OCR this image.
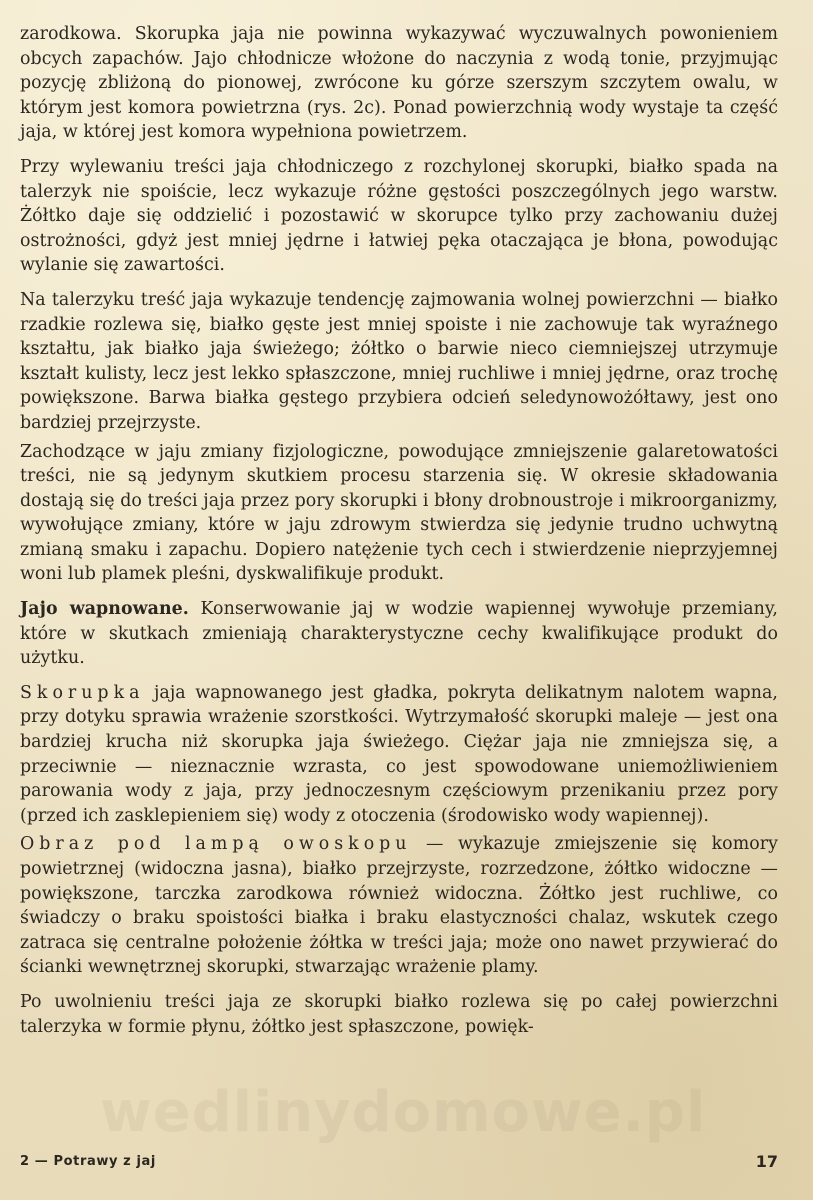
zarodkowa. Skorupka jaja nie powinna wykazywać wyczuwalnych powonieniem obcych zapachów. Jajo chłodnicze włożone do naczynia z wodą tonie, przyjmując pozycję zbliżoną do pionowej, zwrócone ku górze szerszym szczytem owalu, w którym jest komora powietrzna (rys. 2c). Ponad powierzchnią wody wystaje ta część jaja, w której jest komora wypełniona powietrzem.

Przy wylewaniu treści jaja chłodniczego z rozchylonej skorupki, białko spada na talerzyk nie spoiście, lecz wykazuje różne gęstości poszczególnych jego warstw. Żółtko daje się oddzielić i pozostawić w skorupce tylko przy zachowaniu dużej ostrożności, gdyż jest mniej jędrne i łatwiej pęka otaczająca je błona, powodując wylanie się zawartości.

Na talerzyku treść jaja wykazuje tendencję zajmowania wolnej powierzchni — białko rzadkie rozlewa się, białko gęste jest mniej spoiste i nie zachowuje tak wyraźnego kształtu, jak białko jaja świeżego; żółtko o barwie nieco ciemniejszej utrzymuje kształt kulisty, lecz jest lekko spłaszczone, mniej ruchliwe i mniej jędrne, oraz trochę powiększone. Barwa białka gęstego przybiera odcień seledynowożółtawy, jest ono bardziej przejrzyste.

Zachodzące w jaju zmiany fizjologiczne, powodujące zmniejszenie galaretowatości treści, nie są jedynym skutkiem procesu starzenia się. W okresie składowania dostają się do treści jaja przez pory skorupki i błony drobnoustroje i mikroorganizmy, wywołujące zmiany, które w jaju zdrowym stwierdza się jedynie trudno uchwytną zmianą smaku i zapachu. Dopiero natężenie tych cech i stwierdzenie nieprzyjemnej woni lub plamek pleśni, dyskwalifikuje produkt.

Jajo wapnowane. Konserwowanie jaj w wodzie wapiennej wywołuje przemiany, które w skutkach zmieniają charakterystyczne cechy kwalifikujące produkt do użytku.

Skorupka jaja wapnowanego jest gładka, pokryta delikatnym nalotem wapna, przy dotyku sprawia wrażenie szorstkości. Wytrzymałość skorupki maleje — jest ona bardziej krucha niż skorupka jaja świeżego. Ciężar jaja nie zmniejsza się, a przeciwnie — nieznacznie wzrasta, co jest spowodowane uniemożliwieniem parowania wody z jaja, przy jednoczesnym częściowym przenikaniu przez pory (przed ich zasklepieniem się) wody z otoczenia (środowisko wody wapiennej).

Obraz pod lampą owoskopu — wykazuje zmiejszenie się komory powietrznej (widoczna jasna), białko przejrzyste, rozrzedzone, żółtko widoczne — powiększone, tarczka zarodkowa również widoczna. Żółtko jest ruchliwe, co świadczy o braku spoistości białka i braku elastyczności chalaz, wskutek czego zatraca się centralne położenie żółtka w treści jaja; może ono nawet przywierać do ścianki wewnętrznej skorupki, stwarzając wrażenie plamy.

Po uwolnieniu treści jaja ze skorupki białko rozlewa się po całej powierzchni talerzyka w formie płynu, żółtko jest spłaszczone, powięk-

wedlinydomowe.pl
2 — Potrawy z jaj	17
